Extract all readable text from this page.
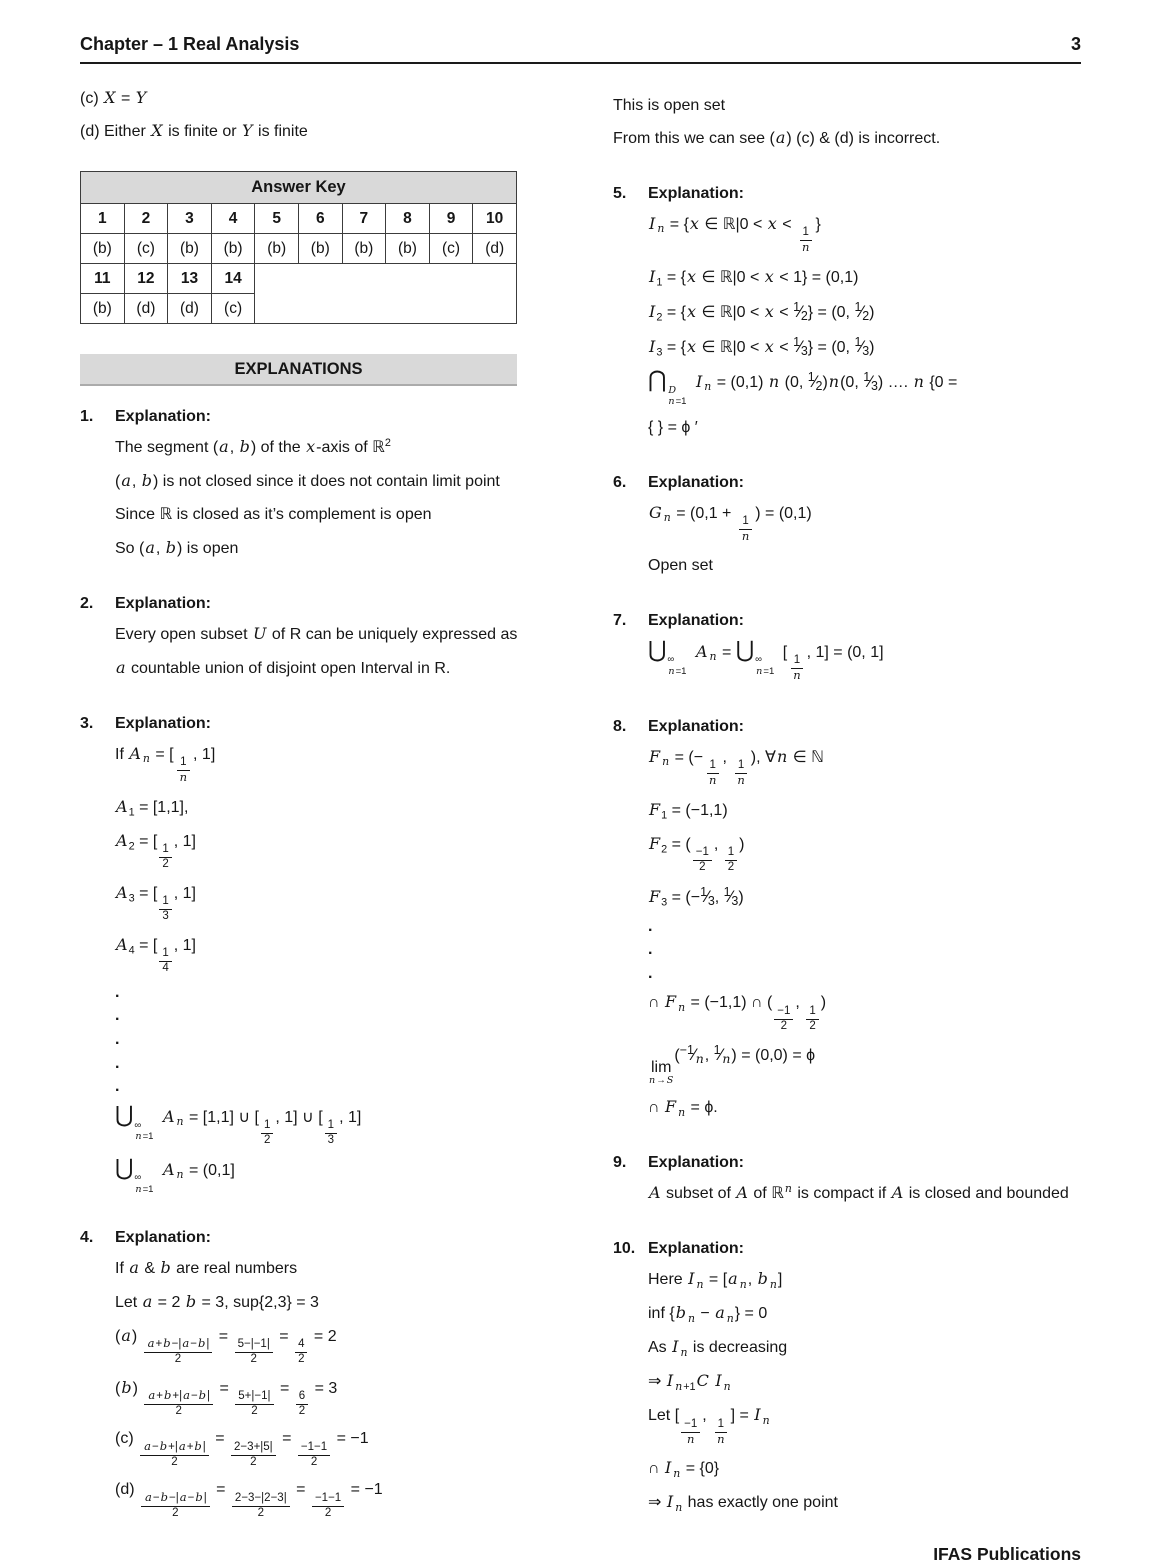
Chapter – 1 Real Analysis	3
(c) X = Y
(d) Either X is finite or Y is finite
Answer Key									
1	2	3	4	5	6	7	8	9	10
(b)	(c)	(b)	(b)	(b)	(b)	(b)	(b)	(c)	(d)
11	12	13	14						
(b)	(d)	(d)	(c)						
EXPLANATIONS
1.	Explanation:
The segment (a, b) of the x-axis of ℝ$^2$
(a, b) is not closed since it does not contain limit point
Since ℝ is closed as it’s complement is open
So (a, b) is open
2.	Explanation:
Every open subset U of R can be uniquely expressed as
a countable union of disjoint open Interval in R.
3.	Explanation:
If A $_n$ = [
$\frac{1}{n}$
, 1]
$A_1 = [1,1]$,
$A_2$ = [
$\frac{1}{2}$
, 1]
$A_3$ = [
$\frac{1}{3}$
, 1]
$A_4$ = [
$\frac{1}{4}$
, 1]
.
.
.
.
.
⋃ ∞
n=1
A $_n$ = [1,1] ∪ [
$\frac{1}{2}$
, 1] ∪ [
$\frac{1}{3}$
, 1]
⋃ ∞
n=1
A $_n$ = (0,1]
4.	Explanation:
If a & b are real numbers
Let a = 2 b = 3, sup{2,3} = 3
(a)
$\frac{a+b-|a-b|}{2}$
=
$\frac{5-|-1|}{2}$
=
$\frac{4}{2}$
= 2
(b)
$\frac{a+b+|a-b|}{2}$
=
$\frac{5+|-1|}{2}$
=
$\frac{6}{2}$
= 3
(c)
$\frac{a-b+|a+b|}{2}$
=
$\frac{2-3+|5|}{2}$
=
$\frac{-1-1}{2}$
= −1
(d)
$\frac{a-b-|a-b|}{2}$
=
$\frac{2-3-|2-3|}{2}$
=
$\frac{-1-1}{2}$
= −1
This is open set
From this we can see (a) (c) & (d) is incorrect.
5.	Explanation:
I $_n$ = {x ∈ ℝ|0 < x <
$\frac{1}{n}$
}
$I_1 = \{x$ ∈ ℝ|0 < x < 1} = (0,1)
$I_2 = \{x$ ∈ ℝ|0 < $x < ^1⁄_2\} = (0$, $^1⁄_2$)
$I_3 = \{x$ ∈ ℝ|0 < $x < ^1⁄_3\} = (0$, $^1⁄_3$)
⋂ D
n=1
I $_n$ = (0,1) n (0, $^1⁄_2)n(0$, $^1⁄_3$) …. n {0 =
{ } = ϕ ′
6.	Explanation:
G $_n$ = (0,1 +
$\frac{1}{n}$
) = (0,1)
Open set
7.	Explanation:
⋃ ∞
n=1
A $_n$ = ⋃ ∞
n=1
[
$\frac{1}{n}$
, 1] = (0, 1]
8.	Explanation:
F $_n$ = (−
$\frac{1}{n}$
,
$\frac{1}{n}$
), ∀n ∈ ℕ
$F_1 = (-1,1)$
$F_2$ = (
$\frac{-1}{2}$
,
$\frac{1}{2}$
)
$F_3$ = ($-^1⁄_3$, $^1⁄_3$)
.
.
.
∩ F $_n$ = (−1,1) ∩ (
$\frac{-1}{2}$
,
$\frac{1}{2}$
)
lim
n→S
($^{-1}⁄_n$, $^1⁄_n) = (0,0) = \phi$
∩ F $_n$ = ϕ.
9.	Explanation:
A subset of A of ℝ$^n$ is compact if A is closed and bounded
10. Explanation:
Here I $_n$ = [a $_n$, b $_n$]
inf {b $_n$ − a $_n$} = 0
As I $_n$ is decreasing
⇒ I $_{n+1}$C I $_n$
Let [
$\frac{-1}{n}$
,
$\frac{1}{n}$
] = I $_n$
∩ I $_n$ = {0}
⇒ I $_n$ has exactly one point
IFAS Publications
